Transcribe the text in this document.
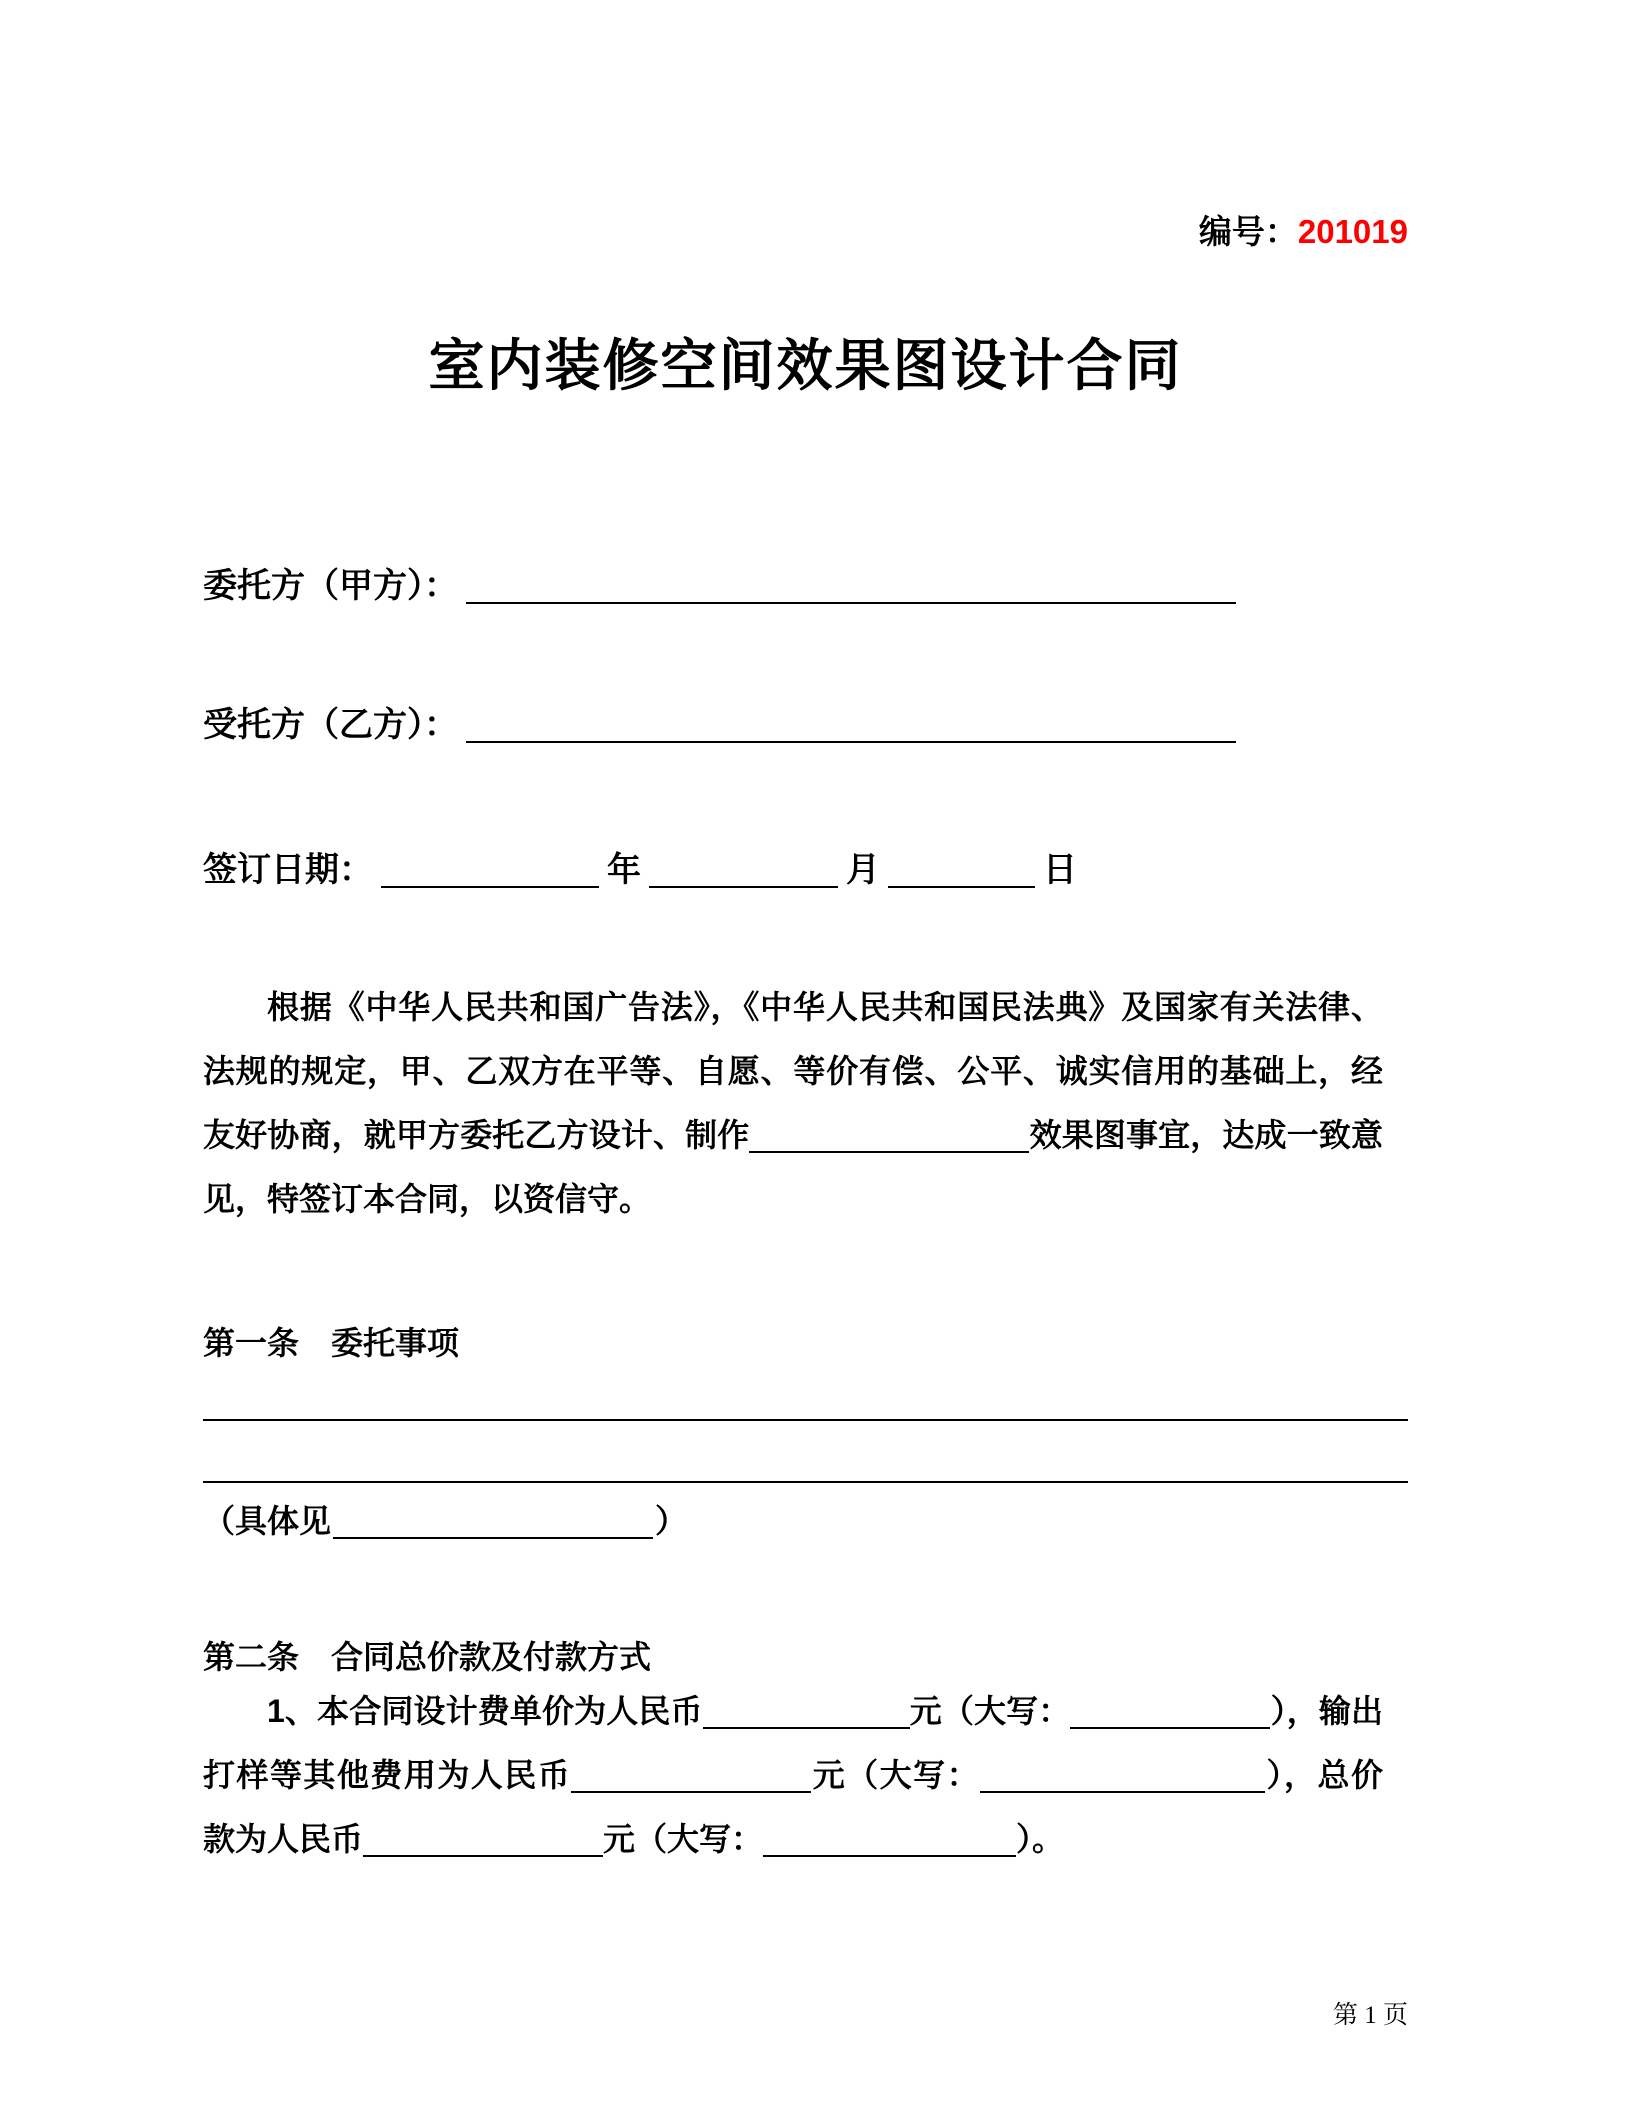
编号：201019
室内装修空间效果图设计合同
委托方（甲方）：
受托方（乙方）：
签订日期：	年	月	日

根据《中华人民共和国广告法》，《中华人民共和国民法典》及国家有关法律、法规的规定，甲、乙双方在平等、自愿、等价有偿、公平、诚实信用的基础上，经友好协商，就甲方委托乙方设计、制作	效果图事宜，达成一致意见，特签订本合同，以资信守。

第一条　委托事项
（具体见	）
第二条　合同总价款及付款方式

1、本合同设计费单价为人民币	元（大写：	），输出打样等其他费用为人民币	元（大写：	），总价款为人民币	元（大写：	）。

第 1 页
